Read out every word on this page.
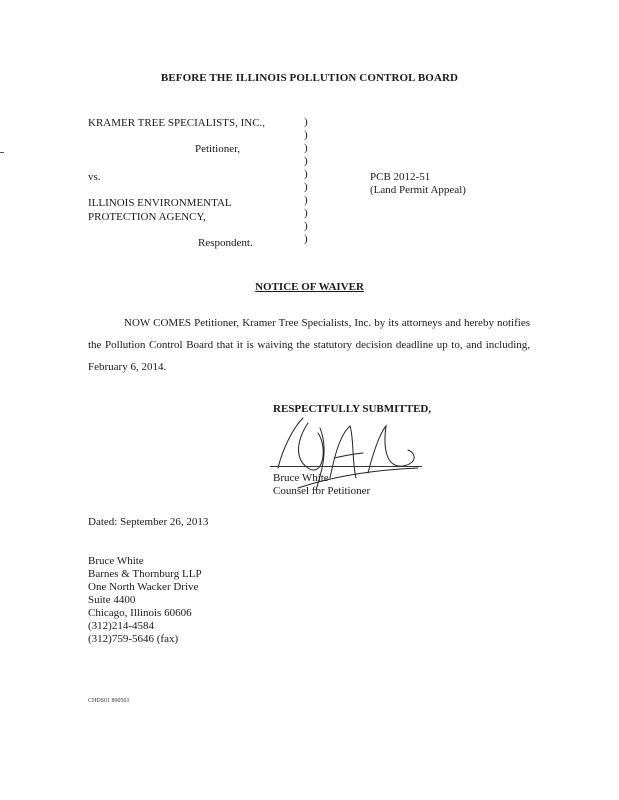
BEFORE THE ILLINOIS POLLUTION CONTROL BOARD
KRAMER TREE SPECIALISTS, INC.,
Petitioner,
vs.
ILLINOIS ENVIRONMENTAL
PROTECTION AGENCY,
Respondent.
)
)
)
)
)
)
)
)
)
)
PCB 2012-51
(Land Permit Appeal)
NOTICE OF WAIVER
NOW COMES Petitioner, Kramer Tree Specialists, Inc. by its attorneys and hereby notifies the Pollution Control Board that it is waiving the statutory decision deadline up to, and including, February 6, 2014.
RESPECTFULLY SUBMITTED,
Bruce White
Counsel for Petitioner
Dated: September 26, 2013
Bruce White
Barnes & Thornburg LLP
One North Wacker Drive
Suite 4400
Chicago, Illinois 60606
(312)214-4584
(312)759-5646 (fax)
CHDS01 890501
